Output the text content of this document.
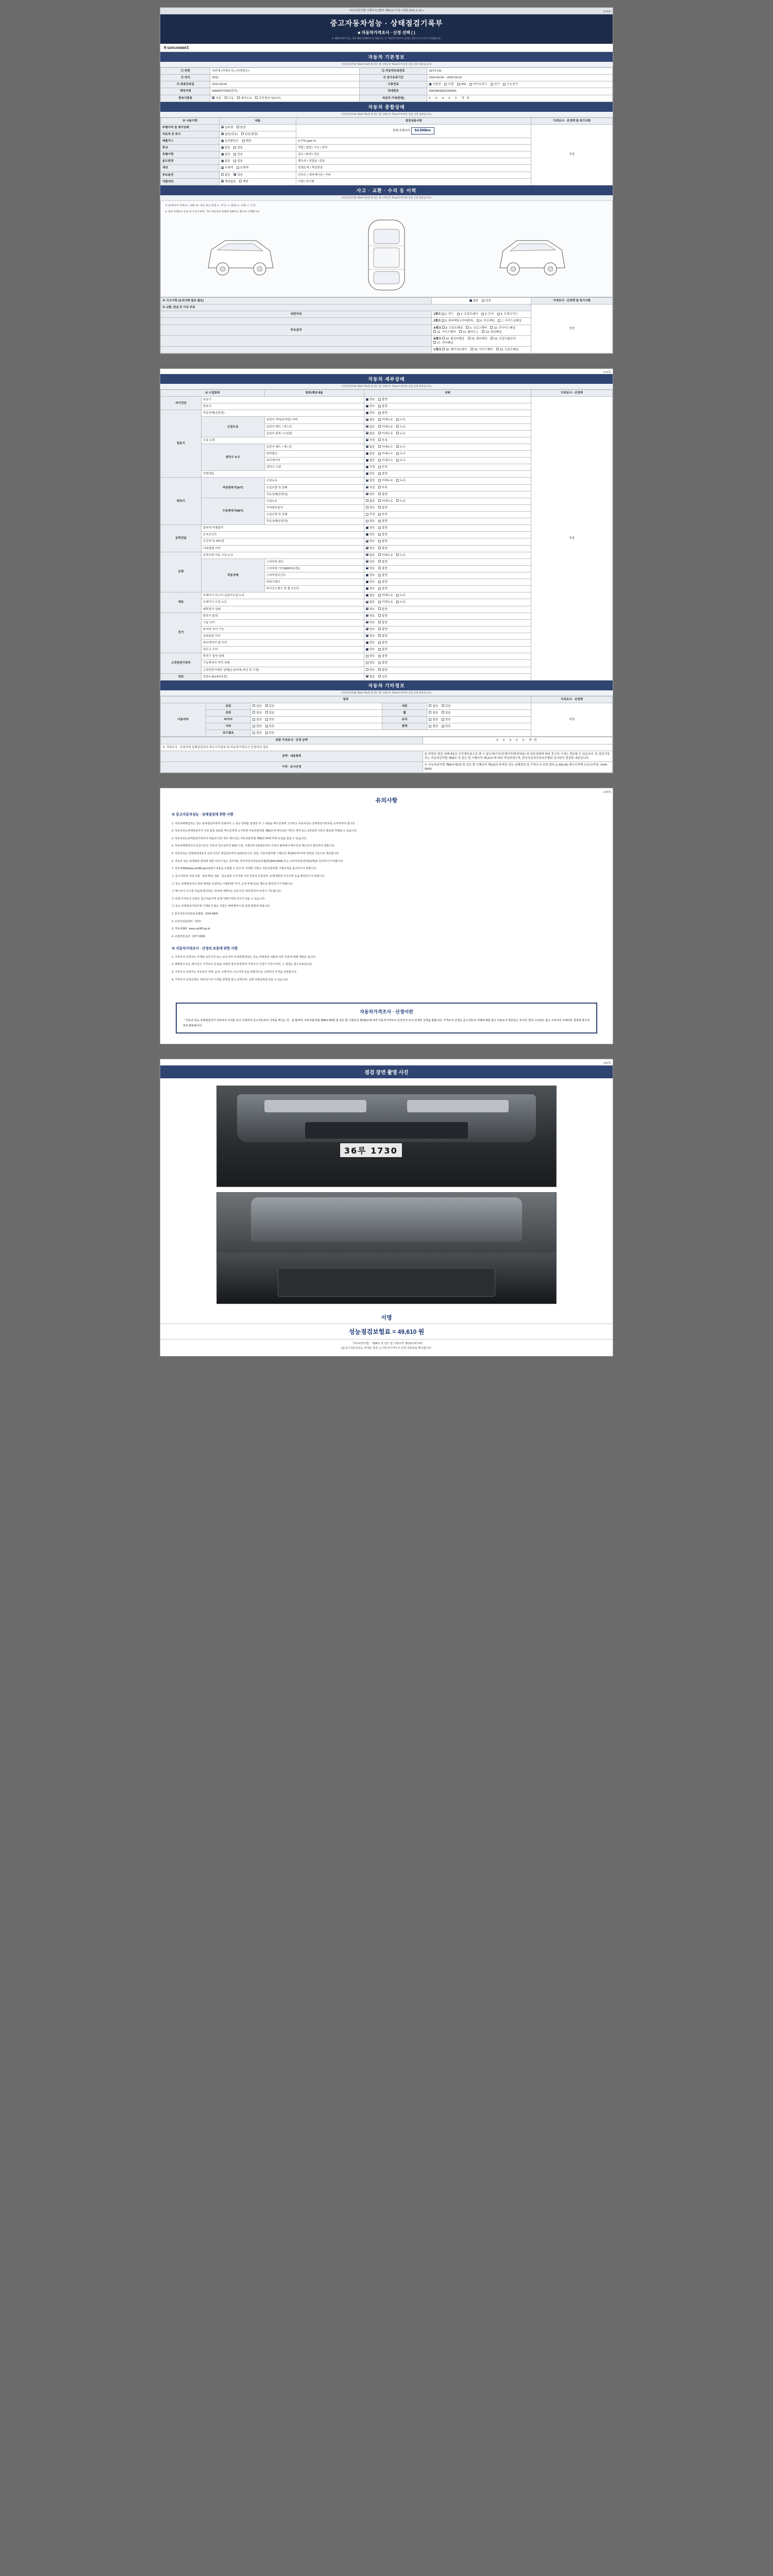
자동차관리법 시행규칙 [별지 제82호서식] <개정 2021.1.15.>	(1/4쪽)
중고자동차성능 · 상태점검기록부
■ 자동차가격조사 · 산정 선택 ( )
※ 해당사항이 있는 경우에만 선택하여 표시합니다. ※ 자동차가격조사·산정은 별도의 수수료가 부과됩니다.
제 52001459889호
자동차 기본정보
(자동차관리법 제58조제1항 및 같은 법 시행규칙 제120조에 따른 점검·산정 내용입니다)
① 차명	마칸에 (자체크기) <자체성능>	② 자동차등록번호	36루1730
③ 연식	2015	④ 검사유효기간	2024-09-04 ~ 2026-09-03
⑤ 최초등록일	2014-09-04	사용연료	가솔린 디젤 LPG 하이브리드 전기 수소전기
제작사명	KIA/MOTORS(한국)	차대번호	KMOAEDER1205401
변속기종류	자동 수동 세미오토 무단변속기(CVT)	자동차 가격(만원)	0 0 0 0 0 만원
자동차 종합상태
(자동차관리법 제58조제1항 및 같은 법 시행규칙 제120조에 따른 점검·산정 내용입니다)
※ 사용이력	내용	점검내용사항	가격조사 · 산정액 및 특기사항
주행거리 및 계기상태	실주행 변경	현재 주행거리 64,599km	적정
자동차 등 표기	없음(양호) 있음(불량)		
배출가스	일산화탄소 매연	0.77% ppm %	
튜닝	없음 있음	적법 / 불법 / 구조 / 장치	
특별이력	없음 있음	침수 / 화재 / 전손	
용도변경	없음 있음	렌트카 / 영업용 / 관용	
색상	무채색 유채색	전체도색 / 색상변경	
주요옵션	없음 있음	선루프 / 내비게이션 / 기타	
리콜대상	해당없음 해당	이행 / 미이행	
사고 · 교환 · 수리 등 이력
(자동차관리법 제58조제1항 및 같은 법 시행규칙 제120조에 따른 점검·산정 내용입니다)
※ (교체 표시 부호) X : 교환, W : 판금 또는 용접, C : 부식, A : 흠집, U : 요철, T : 손상
※ 위의 상태표시 등을 하기 준수하며, 기타 자동차의 상태에 대해서는 별도로 기재합니다.
※ 사고이력 (유의사항 참조 필요)	없음 있음	가격조사 · 산정액 및 특기사항
※ 교환, 판금 등 이상 부위		적정
외판부위	1랭크 1. 후드 2. 프론트팬더 3. 도어 4. 트렁크리드	
	2랭크 5. 쿼터패널 (리어팬더) 6. 루프패널 7. 사이드실패널	
주요골격	A랭크 8. 프론트패널 9. 크로스멤버 10. 인사이드패널 11. 사이드멤버 12. 휠하우스 13. 대쉬패널	
	B랭크 14. 플로어패널 15. 필러패널 16. 트렁크플로어 17. 리어패널	
	C랭크 18. 패키지트레이 19. 사이드멤버 20. 프론트패널	
(1/4쪽)
자동차 세부상태
(자동차관리법 제58조제1항 및 같은 법 시행규칙 제120조에 따른 점검·산정 내용입니다)
※ 수집항목		항목/해당내용	상태	가격조사 · 산정액
자기진단	원동기		양호 불량	적정
	변속기		양호 불량	
원동기	작동상태(공회전)		양호 불량	
	오일누유	실린더 커버(로커암) 커버	없음 미세누유 누유	
		실린더 헤드 / 개스킷	없음 미세누유 누유	
		실린더 블록 / 오일팬	없음 미세누유 누유	
	오일 유량		적정 부족	
	냉각수 누수	실린더 헤드 / 개스킷	없음 미세누수 누수	
		워터펌프	없음 미세누수 누수	
		라디에이터	없음 미세누수 누수	
		냉각수 수량	적정 부족	
	커먼레일		양호 불량	
변속기	자동변속기(A/T)	오일누유	없음 미세누유 누유	
		오일유량 및 상태	적정 부족	
		작동상태(공회전)	양호 불량	
	수동변속기(M/T)	오일누유	없음 미세누유 누유	
		기어변속장치	양호 불량	
		오일유량 및 상태	적정 부족	
		작동상태(공회전)	양호 불량	
동력전달	클러치 어셈블리		양호 불량	
	등속조인트		양호 불량	
	추진축 및 베어링		양호 불량	
	디퍼렌셜 기어		양호 불량	
조향	동력조향 작동 오일 누유		없음 미세누유 누유	
	작동상태	스티어링 펌프	양호 불량	
		스티어링 기어(MDPS포함)	양호 불량	
		스티어링조인트	양호 불량	
		파워크랭크	양호 불량	
		타이로드엔드 및 볼 조인트	양호 불량	
제동	브레이크 마스터 실린더오일 누유		없음 미세누유 누유	
	브레이크 오일 누유		없음 미세누유 누유	
	배력장치 상태		양호 불량	
전기	발전기 출력		양호 불량	
	시동 모터		양호 불량	
	와이퍼 모터 기능		양호 불량	
	실내송풍 모터		양호 불량	
	라디에이터 팬 모터		양호 불량	
	윈도우 모터		양호 불량	
고전원전기장치	충전구 절연 상태		양호 불량	
	구동축전지 격리 상태		양호 불량	
	고전원전기배선 상태(손상/피복,마감 및 고정)		양호 불량	
연료	연료누출(LPG포함)		없음 있음	
자동차 기타정보
(자동차관리법 제58조제1항 및 같은 법 시행규칙 제120조에 따른 점검·산정 내용입니다)
항목					가격조사 · 산정액
사용여부	유압	없음 있음	내장	없음 있음	적정
	외장	없음 있음	휠	없음 있음	
	타이어	없음 있음	유리	없음 있음	
	기타	없음 있음	광택	없음 있음	
	보수필요	없음 있음			
최종 가격조사 · 산정 금액	0 0 0 0 0 만원
※ 가격조사 · 산정자에 실제점검자의 착오시각정보 및 자동차가격조사·산정자의 정보	
금액 · 내용항목	본 차량의 점검·상태내용은 인증제공용으로 볼 수 없으며(기간/주행거리/변경내용) 및 외관상태에 따라 중고차 시세는 변동될 수 있습니다. 본 점검기록부는 자동차관리법 제58조 및 같은 법 시행규칙 제120조에 따라 작성되었으며, 한국자동차진단보증협회 검사원이 점검한 내용입니다.
가격 · 조사산정	※ 자동차관리법 제58조제1항 및 같은 법 시행규칙 제120조에 따른 성능·상태점검 및 가격조사·산정 결과 (1,403,05) 매수인에게 교부(교부일: 1644-5605)
(3/4쪽)
유의사항
※ 중고자동차성능 · 상태점검에 관한 사항

1. 자동차매매업자는 성능·상태점검자에게 의뢰하여 그 성능·상태를 점검한 후 그 내용을 매수인에게 고지하고 자동차성능·상태점검기록부를 교부하여야 합니다.

2. 자동차성능상태점검자가 거짓 점검 결과를 매수인에게 고지하면 자동차관리법 제80조에 따라 2년 이하의 징역 또는 2천만원 이하의 벌금에 처해질 수 있습니다.

3. 자동차성능상태점검기록부의 내용과 다른 경우 매수인은 자동차관리법 제58조의4에 따라 보상을 받을 수 있습니다.

4. 자동차매매업자의 보증기간은 자동차 인도일부터 30일 이상, 주행거리 2천킬로미터 이상의 범위에서 매수인과 매도인이 협의하여 정합니다.

5. 자동차성능·상태점검내용의 유효기간은 발급일로부터 120일입니다. 다만, 자동차관리법 시행규칙 제120조에 따라 점검일 기준으로 계산합니다.

6. 자동차 성능·상태점검 결과에 대한 이의가 있는 경우에는 한국자동차진단보증협회(1644-5605) 또는 소비자상담센터(1372)로 문의하시기 바랍니다.

7. 자동차365(www.car365.go.kr)에서 내용을 조회할 수 있으며, 자세한 사항은 자동차관리법 시행규칙을 참고하시기 바랍니다.

① 중고자동차 이력 조회 · 점검 확인 내용 : 성능점검 고지사항 이외 자동차 등록원부, 보험개발원 사고이력 등을 확인하시기 바랍니다.

② 성능·상태점검자의 점검 범위를 초과하는 사항(내부 부식, 도장 두께 등)은 별도로 확인하시기 바랍니다.

③ 매수인이 인수한 다음에 발견되는 하자에 대해서는 보증기간 내에 한하여 보상이 가능합니다.

④ 차량 가격조사·산정은 참고자료이며 실제 거래가격과 차이가 있을 수 있습니다.

⑤ 성능·상태점검기록부에 기재되지 않은 사항은 매매계약서 및 관련 법령에 따릅니다.

1. 한국자동차진단보증협회 : 1644-5605

2. 소비자상담센터 : 1372

3. 자동차365 : www.car365.go.kr

4. 교통안전공단 : 1577-0990

※ 자동차가격조사 · 산정의 보증에 관한 사항

1. 가격조사·산정자는 사세와 보증기간 또는 보증거리 이내에 발견되는 성능·상태점검 내용과 다른 부분에 대해 책임을 집니다.

2. 매매업자 또는 매수인이 가격조사·산정을 의뢰한 경우에 한하여 가격조사·산정이 이루어지며, 그 결과는 참고자료입니다.

3. 가격조사·산정자는 자동차의 상태, 옵션, 주행거리, 사고이력 등을 종합적으로 고려하여 가격을 산정합니다.

4. 가격조사·산정금액은 거래 당시의 시세를 반영한 참고 금액이며, 실제 거래금액과 다를 수 있습니다.

자동차가격조사 · 산정이란
「자동차 성능·상태점검자가 자동차의 가치를 조사·산정하여 중고자동차의 가격을 매기는 것」을 말하며, 자동차관리법 제58조제4항 및 같은 법 시행규칙 제120조에 따라 자동차가격조사·산정자가 조사·산정한 금액을 말합니다. 가격조사·산정은 중고자동차 거래에 대한 참고 자료로서 제공되는 것이며, 법적 구속력은 없고 소비자의 구매여부 결정에 참고자료로 활용됩니다.
(4/4쪽)
점검 장면 촬영 사진
36루 1730
서명
성능점검보험료 = 49,610 원
「자동차관리법」 제58조 및 같은 법 시행규칙 제120조에 따라
[1] 중고자동차성능·상태를 점검, [ ] 자동차가격조사·산정 내용임을 확인합니다.
